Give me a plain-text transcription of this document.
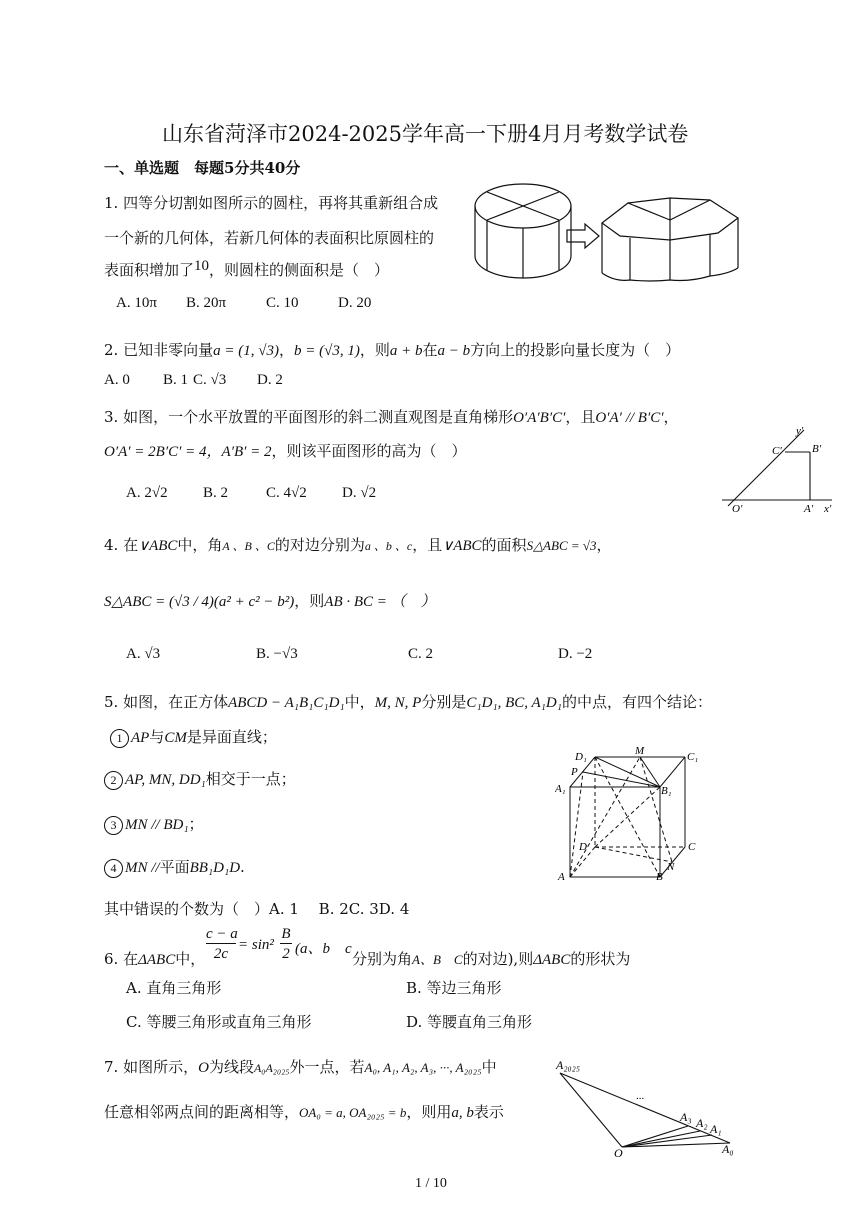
山东省菏泽市2024-2025学年高一下册4月月考数学试卷
一、单选题　每题5分共40分
1. 四等分切割如图所示的圆柱，再将其重新组合成
一个新的几何体，若新几何体的表面积比原圆柱的
表面积增加了10，则圆柱的侧面积是（　）
A. 10π B. 20π	C. 10	D. 20
2. 已知非零向量a = (1, √3)，b = (√3, 1)，则a + b在a − b方向上的投影向量长度为（　）
A. 0 B. 1 C. √3 D. 2
3. 如图，一个水平放置的平面图形的斜二测直观图是直角梯形O′A′B′C′，且O′A′ // B′C′，
O′A′ = 2B′C′ = 4，A′B′ = 2，则该平面图形的高为（　）
A. 2√2 B. 2	C. 4√2 D. √2
y′
C′	B′
O′	A′ x′
4. 在∨ABC中，角A 、B 、C的对边分别为a 、b 、c，且∨ABC的面积S△ABC = √3，
S△ABC = (√3 / 4)(a² + c² − b²)，则AB · BC = （　）
A. √3	B. −√3	C. 2	D. −2
5. 如图，在正方体ABCD − A₁B₁C₁D₁中，M, N, P分别是C₁D₁, BC, A₁D₁的中点，有四个结论：
1 AP与CM是异面直线；
2 AP, MN, DD₁相交于一点；
3 MN // BD₁；
4 MN //平面BB₁D₁D.
其中错误的个数为（　）A. 1　 B. 2C. 3D. 4
D₁	M	C₁
P
A₁	B₁
D	C
N
A	B
6. 在ΔABC中，
c − a
2c
= sin²
B
2 (a、b　c
分别为角A、B　C的对边),则ΔABC的形状为
A. 直角三角形	B. 等边三角形
C. 等腰三角形或直角三角形	D. 等腰直角三角形
7. 如图所示，O为线段A₀A₂₀₂₅外一点，若A₀, A₁, A₂, A₃, ···, A₂₀₂₅中
任意相邻两点间的距离相等，OA₀ = a, OA₂₀₂₅ = b，则用a, b表示
A₂₀₂₅
...
A₃ A₂ A₁
A₀
O
1 / 10
